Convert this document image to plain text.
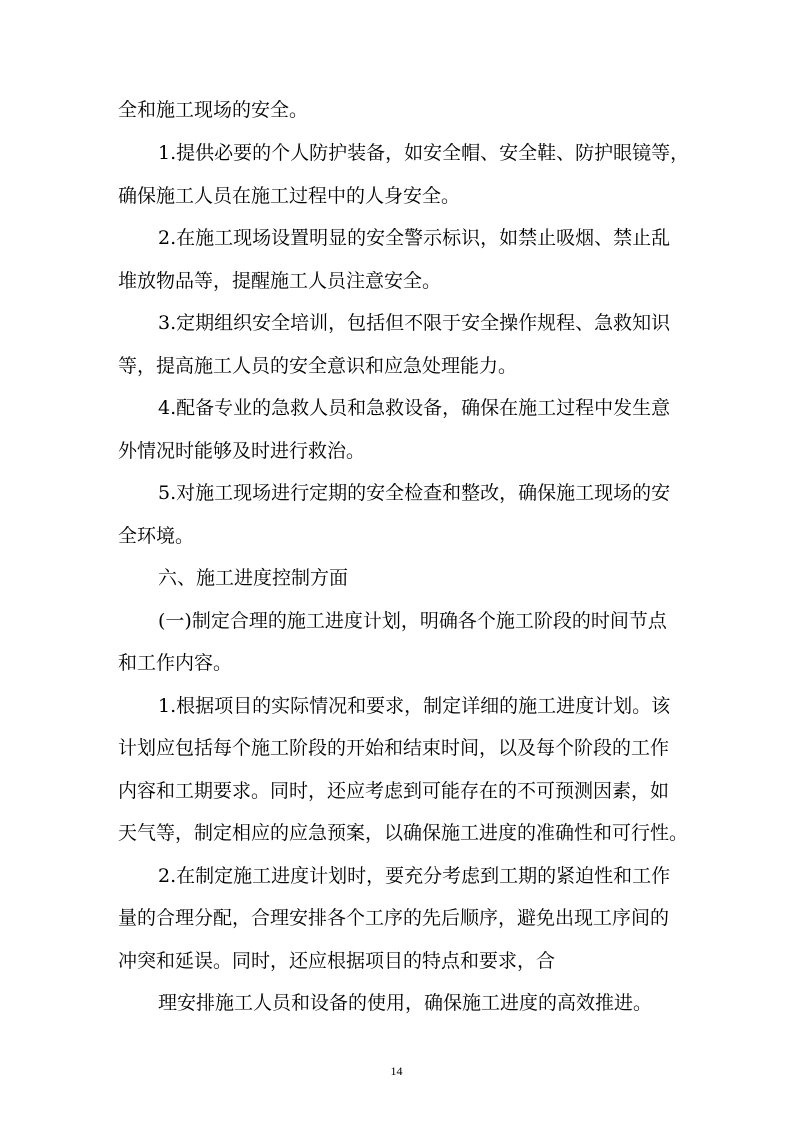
全和施工现场的安全。
1.提供必要的个人防护装备，如安全帽、安全鞋、防护眼镜等，
确保施工人员在施工过程中的人身安全。
2.在施工现场设置明显的安全警示标识，如禁止吸烟、禁止乱
堆放物品等，提醒施工人员注意安全。
3.定期组织安全培训，包括但不限于安全操作规程、急救知识
等，提高施工人员的安全意识和应急处理能力。
4.配备专业的急救人员和急救设备，确保在施工过程中发生意
外情况时能够及时进行救治。
5.对施工现场进行定期的安全检查和整改，确保施工现场的安
全环境。
六、施工进度控制方面
(一)制定合理的施工进度计划，明确各个施工阶段的时间节点
和工作内容。
1.根据项目的实际情况和要求，制定详细的施工进度计划。该
计划应包括每个施工阶段的开始和结束时间，以及每个阶段的工作
内容和工期要求。同时，还应考虑到可能存在的不可预测因素，如
天气等，制定相应的应急预案，以确保施工进度的准确性和可行性。
2.在制定施工进度计划时，要充分考虑到工期的紧迫性和工作
量的合理分配，合理安排各个工序的先后顺序，避免出现工序间的
冲突和延误。同时，还应根据项目的特点和要求，合
理安排施工人员和设备的使用，确保施工进度的高效推进。
14
